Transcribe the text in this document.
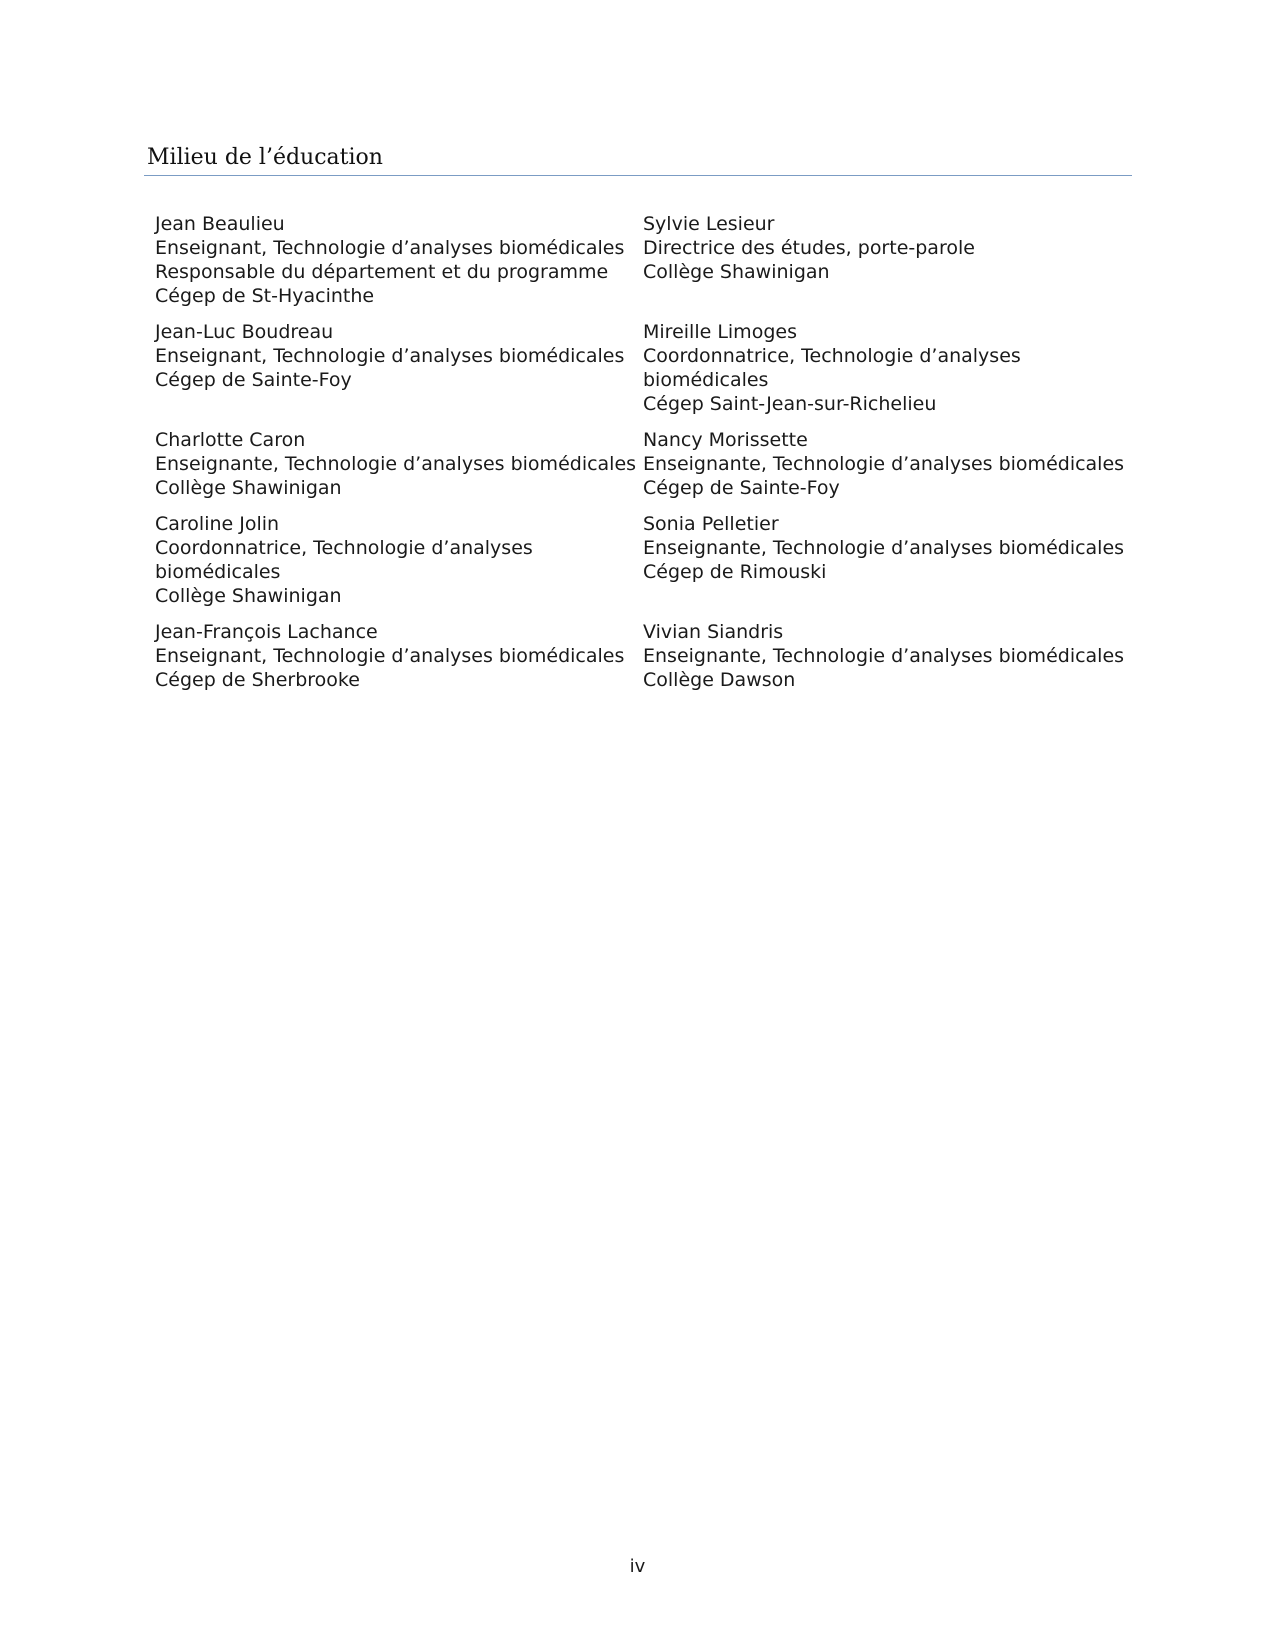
Milieu de l’éducation
Jean Beaulieu
Enseignant, Technologie d’analyses biomédicales
Responsable du département et du programme
Cégep de St-Hyacinthe
Jean-Luc Boudreau
Enseignant, Technologie d’analyses biomédicales
Cégep de Sainte-Foy
Charlotte Caron
Enseignante, Technologie d’analyses biomédicales
Collège Shawinigan
Caroline Jolin
Coordonnatrice, Technologie d’analyses biomédicales
Collège Shawinigan
Jean-François Lachance
Enseignant, Technologie d’analyses biomédicales
Cégep de Sherbrooke
Sylvie Lesieur
Directrice des études, porte-parole
Collège Shawinigan
Mireille Limoges
Coordonnatrice, Technologie d’analyses biomédicales
Cégep Saint-Jean-sur-Richelieu
Nancy Morissette
Enseignante, Technologie d’analyses biomédicales
Cégep de Sainte-Foy
Sonia Pelletier
Enseignante, Technologie d’analyses biomédicales
Cégep de Rimouski
Vivian Siandris
Enseignante, Technologie d’analyses biomédicales
Collège Dawson
iv
